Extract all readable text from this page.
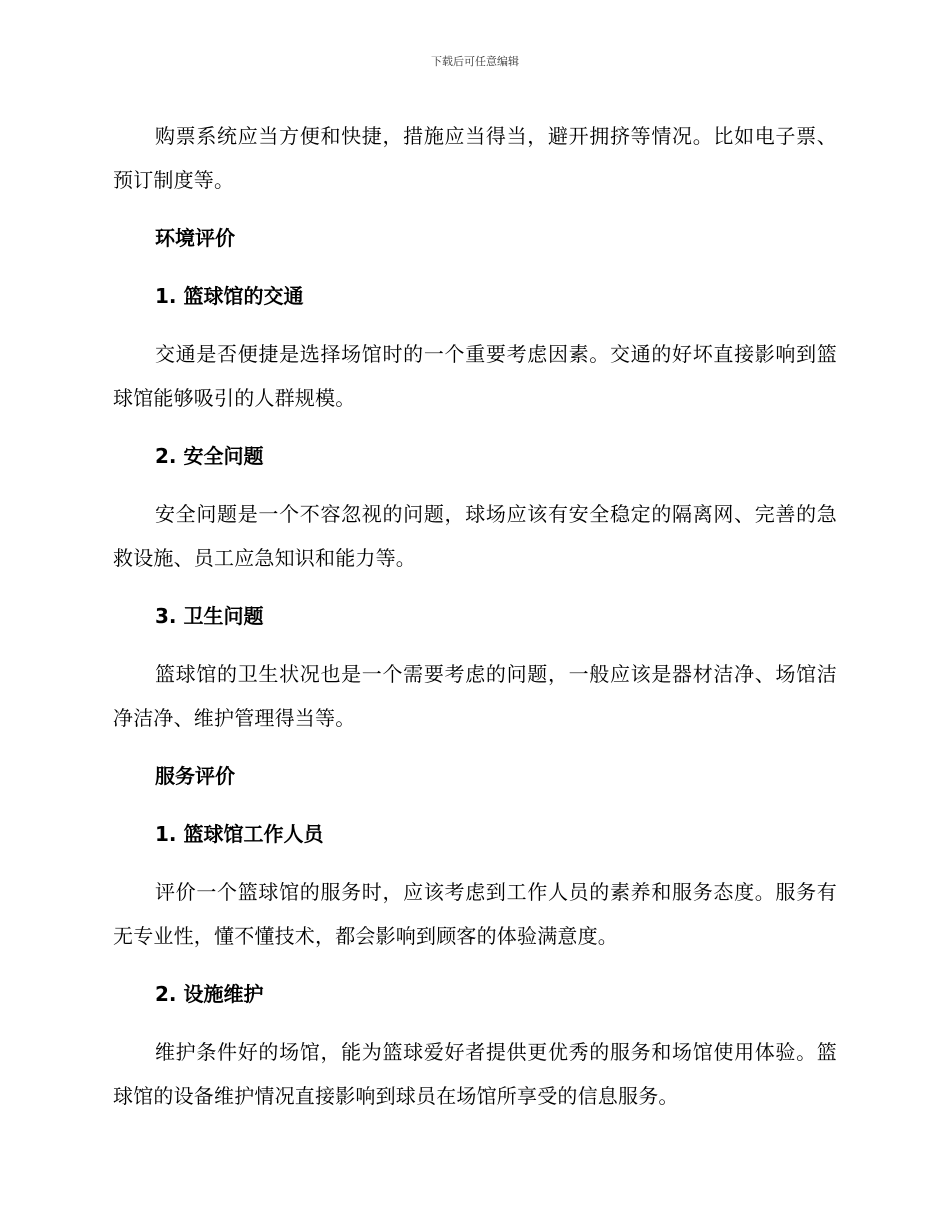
下载后可任意编辑

购票系统应当方便和快捷，措施应当得当，避开拥挤等情况。比如电子票、预订制度等。

环境评价
1. 篮球馆的交通

交通是否便捷是选择场馆时的一个重要考虑因素。交通的好坏直接影响到篮球馆能够吸引的人群规模。

2. 安全问题

安全问题是一个不容忽视的问题，球场应该有安全稳定的隔离网、完善的急救设施、员工应急知识和能力等。

3. 卫生问题

篮球馆的卫生状况也是一个需要考虑的问题，一般应该是器材洁净、场馆洁净洁净、维护管理得当等。

服务评价
1. 篮球馆工作人员

评价一个篮球馆的服务时，应该考虑到工作人员的素养和服务态度。服务有无专业性，懂不懂技术，都会影响到顾客的体验满意度。

2. 设施维护

维护条件好的场馆，能为篮球爱好者提供更优秀的服务和场馆使用体验。篮球馆的设备维护情况直接影响到球员在场馆所享受的信息服务。
